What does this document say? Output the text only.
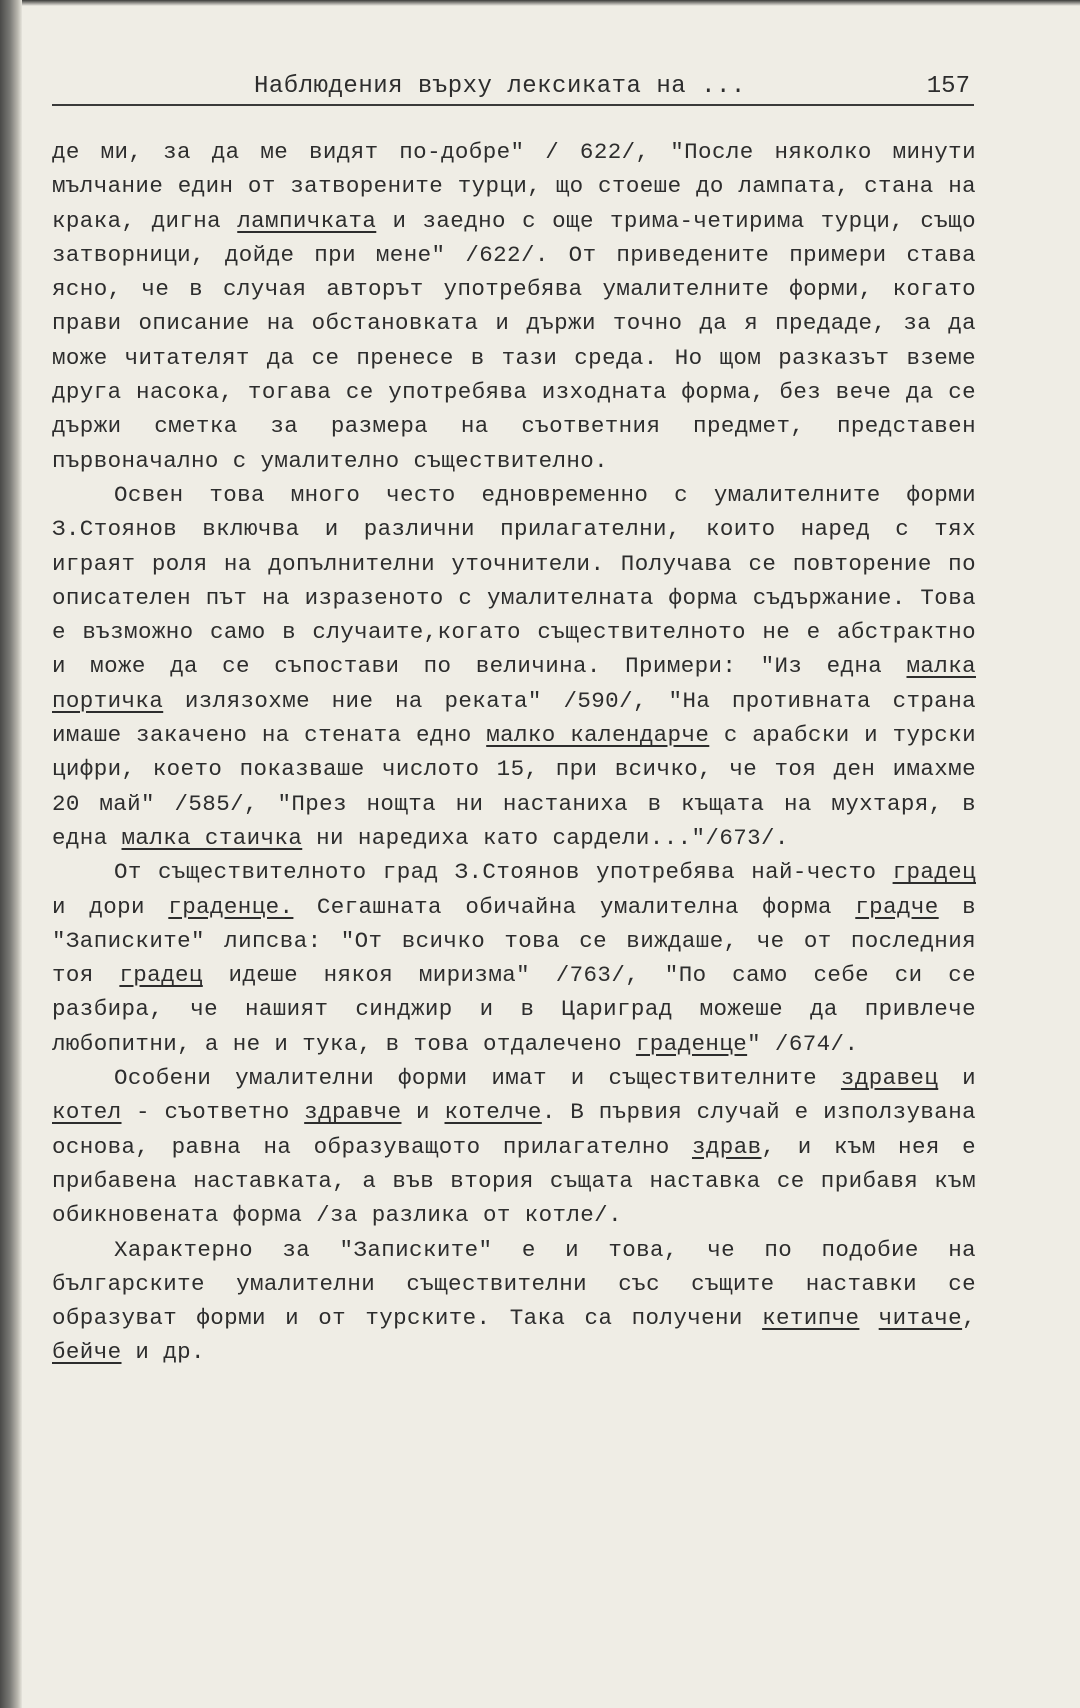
Наблюдения върху лексиката на ...	157

де ми, за да ме видят по-добре" / 622/, "После няколко минути мълчание един от затворените турци, що стоеше до лампата, стана на крака, дигна лампичката и заедно с още трима-четирима турци, също затворници, дойде при мене" /622/. От приведените примери става ясно, че в случая авторът употребява умалителните форми, когато прави описание на обстановката и държи точно да я предаде, за да може читателят да се пренесе в тази среда. Но щом разказът вземе друга насока, тогава се употребява изходната форма, без вече да се държи сметка за размера на съответния предмет, представен първоначално с умалително съществително.

Освен това много често едновременно с умалителните форми З.Стоянов включва и различни прилагателни, които наред с тях играят роля на допълнителни уточнители. Получава се повторение по описателен път на изразеното с умалителната форма съдържание. Това е възможно само в случаите,когато съществителното не е абстрактно и може да се съпостави по величина. Примери: "Из една малка портичка излязохме ние на реката" /590/, "На противната страна имаше закачено на стената едно малко календарче с арабски и турски цифри, което показваше числото 15, при всичко, че тоя ден имахме 20 май" /585/, "През нощта ни настаниха в къщата на мухтаря, в една малка стаичка ни наредиха като сардели..."/673/.

От съществителното град З.Стоянов употребява най-често градец и дори граденце. Сегашната обичайна умалителна форма градче в "Записките" липсва: "От всичко това се виждаше, че от последния тоя градец идеше някоя миризма" /763/, "По само себе си се разбира, че нашият синджир и в Цариград можеше да привлече любопитни, а не и тука, в това отдалечено граденце" /674/.

Особени умалителни форми имат и съществителните здравец и котел - съответно здравче и котелче. В първия случай е използувана основа, равна на образуващото прилагателно здрав, и към нея е прибавена наставката, а във втория същата наставка се прибавя към обикновената форма /за разлика от котле/.

Характерно за "Записките" е и това, че по подобие на българските умалителни съществителни със същите наставки се образуват форми и от турските. Така са получени кетипче читаче, бейче и др.
